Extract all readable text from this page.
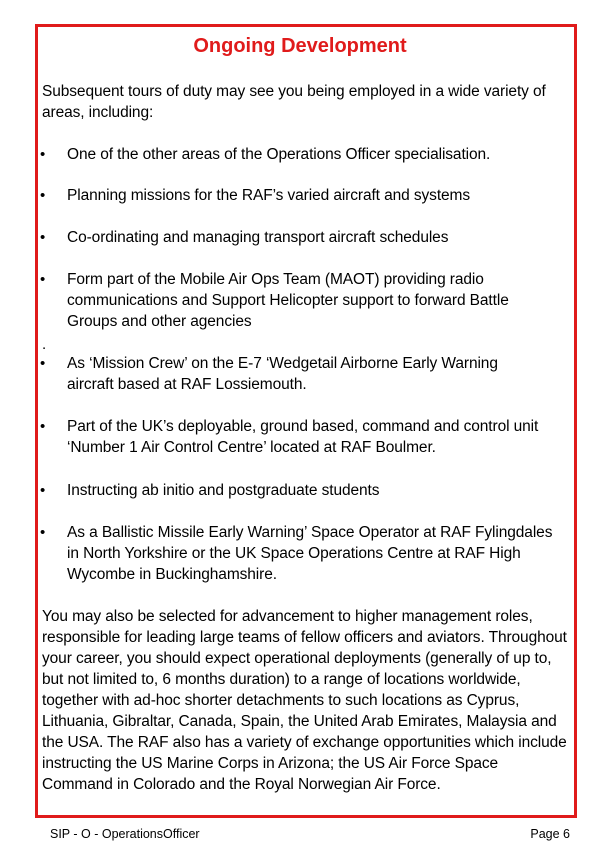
Ongoing Development
Subsequent tours of duty may see you being employed in a wide variety of areas, including:
• One of the other areas of the Operations Officer specialisation.
• Planning missions for the RAF’s varied aircraft and systems
• Co-ordinating and managing transport aircraft schedules
• Form part of the Mobile Air Ops Team (MAOT) providing radio communications and Support Helicopter support to forward Battle Groups and other agencies
.
• As ‘Mission Crew’ on the E-7 ‘Wedgetail Airborne Early Warning aircraft based at RAF Lossiemouth.
• Part of the UK’s deployable, ground based, command and control unit ‘Number 1 Air Control Centre’ located at RAF Boulmer.
• Instructing ab initio and postgraduate students
• As a Ballistic Missile Early Warning’ Space Operator at RAF Fylingdales in North Yorkshire or the UK Space Operations Centre at RAF High Wycombe in Buckinghamshire.
You may also be selected for advancement to higher management roles, responsible for leading large teams of fellow officers and aviators. Throughout your career, you should expect operational deployments (generally of up to, but not limited to, 6 months duration) to a range of locations worldwide, together with ad-hoc shorter detachments to such locations as Cyprus, Lithuania, Gibraltar, Canada, Spain, the United Arab Emirates, Malaysia and the USA. The RAF also has a variety of exchange opportunities which include instructing the US Marine Corps in Arizona; the US Air Force Space Command in Colorado and the Royal Norwegian Air Force.
SIP - O - OperationsOfficer	Page 6
